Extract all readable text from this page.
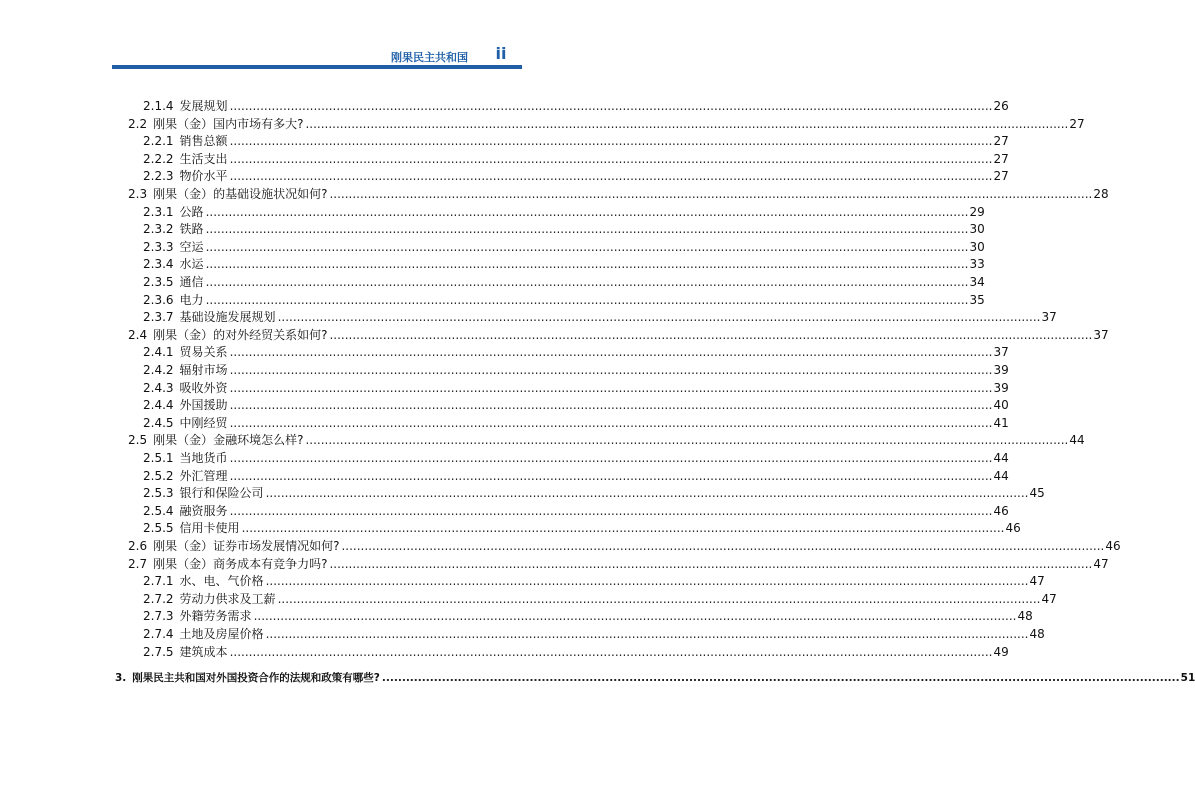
刚果民主共和国	ii
2.1.4 发展规划 ........................................................................................................................................................................................................ 26
2.2 刚果（金）国内市场有多大? ........................................................................................................................................................................................................ 27
2.2.1 销售总额 ........................................................................................................................................................................................................ 27
2.2.2 生活支出 ........................................................................................................................................................................................................ 27
2.2.3 物价水平 ........................................................................................................................................................................................................ 27
2.3 刚果（金）的基础设施状况如何? ........................................................................................................................................................................................................ 28
2.3.1 公路 ........................................................................................................................................................................................................ 29
2.3.2 铁路 ........................................................................................................................................................................................................ 30
2.3.3 空运 ........................................................................................................................................................................................................ 30
2.3.4 水运 ........................................................................................................................................................................................................ 33
2.3.5 通信 ........................................................................................................................................................................................................ 34
2.3.6 电力 ........................................................................................................................................................................................................ 35
2.3.7 基础设施发展规划 ........................................................................................................................................................................................................ 37
2.4 刚果（金）的对外经贸关系如何? ........................................................................................................................................................................................................ 37
2.4.1 贸易关系 ........................................................................................................................................................................................................ 37
2.4.2 辐射市场 ........................................................................................................................................................................................................ 39
2.4.3 吸收外资 ........................................................................................................................................................................................................ 39
2.4.4 外国援助 ........................................................................................................................................................................................................ 40
2.4.5 中刚经贸 ........................................................................................................................................................................................................ 41
2.5 刚果（金）金融环境怎么样? ........................................................................................................................................................................................................ 44
2.5.1 当地货币 ........................................................................................................................................................................................................ 44
2.5.2 外汇管理 ........................................................................................................................................................................................................ 44
2.5.3 银行和保险公司 ........................................................................................................................................................................................................ 45
2.5.4 融资服务 ........................................................................................................................................................................................................ 46
2.5.5 信用卡使用 ........................................................................................................................................................................................................ 46
2.6 刚果（金）证券市场发展情况如何? ........................................................................................................................................................................................................ 46
2.7 刚果（金）商务成本有竞争力吗? ........................................................................................................................................................................................................ 47
2.7.1 水、电、气价格 ........................................................................................................................................................................................................ 47
2.7.2 劳动力供求及工薪 ........................................................................................................................................................................................................ 47
2.7.3 外籍劳务需求 ........................................................................................................................................................................................................ 48
2.7.4 土地及房屋价格 ........................................................................................................................................................................................................ 48
2.7.5 建筑成本 ........................................................................................................................................................................................................ 49
3. 刚果民主共和国对外国投资合作的法规和政策有哪些? ........................................................................................................................................................................................................ 51
